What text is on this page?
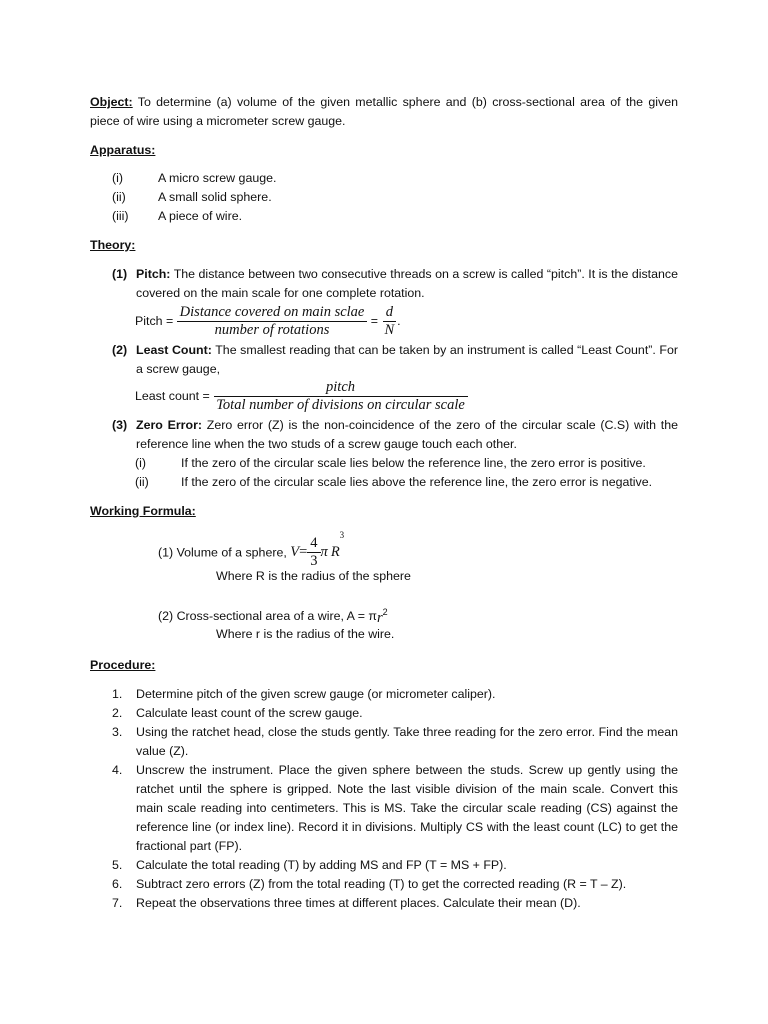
Object: To determine (a) volume of the given metallic sphere and (b) cross-sectional area of the given piece of wire using a micrometer screw gauge.
Apparatus:
(i)	A micro screw gauge.
(ii)	A small solid sphere.
(iii) A piece of wire.
Theory:
(1) Pitch: The distance between two consecutive threads on a screw is called “pitch”. It is the distance covered on the main scale for one complete rotation.
Pitch = $\frac{\text{Distance covered on main sclae}}{\text{number of rotations}} = \frac{d}{N}$ .
(2) Least Count: The smallest reading that can be taken by an instrument is called “Least Count”. For a screw gauge,
Least count = $\frac{\text{pitch}}{\text{Total number of divisions on circular scale}}$
(3) Zero Error: Zero error (Z) is the non-coincidence of the zero of the circular scale (C.S) with the reference line when the two studs of a screw gauge touch each other.
(i)	If the zero of the circular scale lies below the reference line, the zero error is positive.
(ii)	If the zero of the circular scale lies above the reference line, the zero error is negative.
Working Formula:
(1) Volume of a sphere, $V= \frac{4}{3}$ π $R^3$
Where R is the radius of the sphere
(2) Cross-sectional area of a wire, $A = \pi r^2$
Where r is the radius of the wire.
Procedure:
1. Determine pitch of the given screw gauge (or micrometer caliper).
2. Calculate least count of the screw gauge.
3. Using the ratchet head, close the studs gently. Take three reading for the zero error. Find the mean value (Z).
4. Unscrew the instrument. Place the given sphere between the studs. Screw up gently using the ratchet until the sphere is gripped. Note the last visible division of the main scale. Convert this main scale reading into centimeters. This is MS. Take the circular scale reading (CS) against the reference line (or index line). Record it in divisions. Multiply CS with the least count (LC) to get the fractional part (FP).
5. Calculate the total reading (T) by adding MS and FP (T = MS + FP).
6. Subtract zero errors (Z) from the total reading (T) to get the corrected reading (R = T – Z).
7. Repeat the observations three times at different places. Calculate their mean (D).
